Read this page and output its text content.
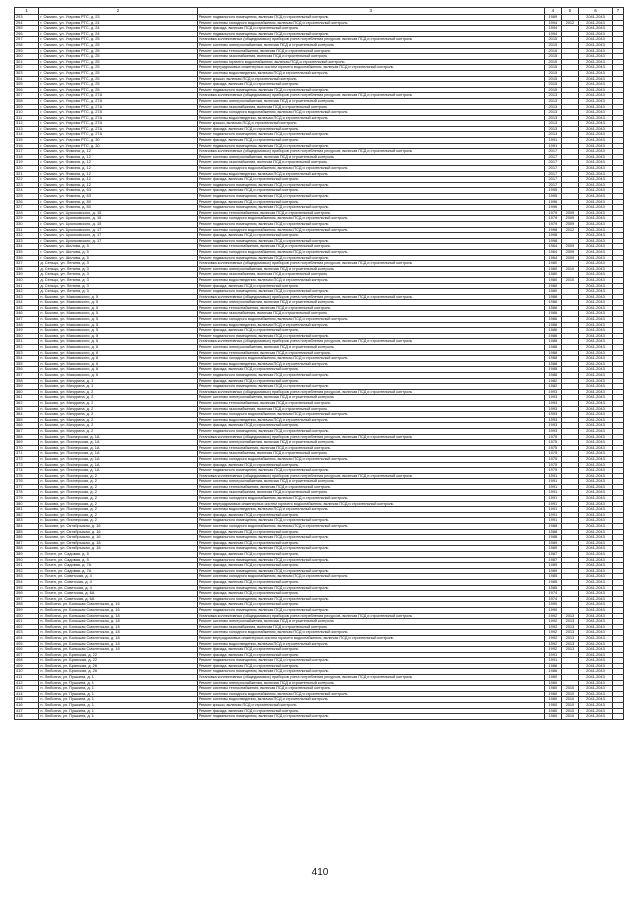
1	2	3	4	5	6	7
293	г. Ожмагс, ул. Угарова РТС, д. 23	Ремонт подвального помещения, включая ПСД и строительный контроль	1989		2041-2043	
294	г. Ожмагс, ул. Угарова РТС, д. 24	Ремонт системы холодного водоснабжения, включая ПСД и строительный контроль	1994	2012	2041-2043	
295	г. Ожмагс, ул. Угарова РТС, д. 24	Ремонт фасада, включая ПСД и строительный контроль	1994		2041-2043	
296	г. Ожмагс, ул. Угарова РТС, д. 24	Ремонт подвального помещения, включая ПСД и строительный контроль	1994		2041-2043	
297	г. Ожмагс, ул. Угарова РТС, д. 25	Установка коллективных (общедомовых) приборов учета потребления ресурсов, включая ПСД и строительный контроль	2015		2041-2043	
298	г. Ожмагс, ул. Угарова РТС, д. 25	Ремонт системы электроснабжения, включая ПСД и строительный контроль	2015		2041-2043	
299	г. Ожмагс, ул. Угарова РТС, д. 25	Ремонт системы теплоснабжения, включая ПСД и строительный контроль	2015		2041-2043	
300	г. Ожмагс, ул. Угарова РТС, д. 25	Ремонт системы газоснабжения, включая ПСД и строительный контроль	2015		2041-2043	
301	г. Ожмагс, ул. Угарова РТС, д. 25	Ремонт системы горячего водоснабжения, включая ПСД и строительный контроль	2015		2041-2043	
302	г. Ожмагс, ул. Угарова РТС, д. 25	Ремонт внутридомовых инженерных систем горячего водоснабжения, включая ПСД и строительный контроль	2015		2041-2043	
303	г. Ожмагс, ул. Угарова РТС, д. 25	Ремонт системы водоотведения, включая ПСД и строительный контроль	2015		2041-2043	
304	г. Ожмагс, ул. Угарова РТС, д. 25	Ремонт крыши, включая ПСД и строительный контроль	2015		2041-2043	
305	г. Ожмагс, ул. Угарова РТС, д. 25	Ремонт фасада, включая ПСД и строительный контроль	2015		2041-2043	
306	г. Ожмагс, ул. Угарова РТС, д. 25	Ремонт подвального помещения, включая ПСД и строительный контроль	2015		2041-2043	
307	г. Ожмагс, ул. Угарова РТС, д. 27А	Установка коллективных (общедомовых) приборов учета потребления ресурсов, включая ПСД и строительный контроль	2013		2041-2043	
308	г. Ожмагс, ул. Угарова РТС, д. 27А	Ремонт системы электроснабжения, включая ПСД и строительный контроль	2013		2041-2043	
309	г. Ожмагс, ул. Угарова РТС, д. 27А	Ремонт системы газоснабжения, включая ПСД и строительный контроль	2013		2041-2043	
310	г. Ожмагс, ул. Угарова РТС, д. 27А	Ремонт системы холодного водоснабжения, включая ПСД и строительный контроль	2013		2041-2043	
311	г. Ожмагс, ул. Угарова РТС, д. 27А	Ремонт системы водоотведения, включая ПСД и строительный контроль	2013		2041-2043	
312	г. Ожмагс, ул. Угарова РТС, д. 27А	Ремонт крыши, включая ПСД и строительный контроль	2013		2041-2043	
313	г. Ожмагс, ул. Угарова РТС, д. 27А	Ремонт фасада, включая ПСД и строительный контроль	2013		2041-2043	
314	г. Ожмагс, ул. Угарова РТС, д. 27А	Ремонт подвального помещения, включая ПСД и строительный контроль	2013		2041-2043	
315	г. Ожмагс, ул. Угарова РТС, д. 30	Ремонт фасада, включая ПСД и строительный контроль	1991		2041-2043	
316	г. Ожмагс, ул. Угарова РТС, д. 30	Ремонт подвального помещения, включая ПСД и строительный контроль	1991		2041-2043	
317	г. Ожмагс, ул. Фомина, д. 12	Установка коллективных (общедомовых) приборов учета потребления ресурсов, включая ПСД и строительный контроль	2017		2041-2043	
318	г. Ожмагс, ул. Фомина, д. 12	Ремонт системы электроснабжения, включая ПСД и строительный контроль	2017		2041-2043	
319	г. Ожмагс, ул. Фомина, д. 12	Ремонт системы газоснабжения, включая ПСД и строительный контроль	2017		2041-2043	
320	г. Ожмагс, ул. Фомина, д. 12	Ремонт системы холодного водоснабжения, включая ПСД и строительный контроль	2017		2041-2043	
321	г. Ожмагс, ул. Фомина, д. 12	Ремонт системы водоотведения, включая ПСД и строительный контроль	2017		2041-2043	
322	г. Ожмагс, ул. Фомина, д. 12	Ремонт фасада, включая ПСД и строительный контроль	2017		2041-2043	
323	г. Ожмагс, ул. Фомина, д. 12	Ремонт подвального помещения, включая ПСД и строительный контроль	2017		2041-2043	
324	г. Ожмагс, ул. Фомина, д. 63	Ремонт фасада, включая ПСД и строительный контроль	1995		2041-2043	
325	г. Ожмагс, ул. Фомина, д. 63	Ремонт подвального помещения, включая ПСД и строительный контроль	1995		2041-2043	
326	г. Ожмагс, ул. Фомина, д. 80	Ремонт фасада, включая ПСД и строительный контроль	1996		2041-2043	
327	г. Ожмагс, ул. Фомина, д. 80	Ремонт подвального помещения, включая ПСД и строительный контроль	1996		2041-2043	
328	г. Ожмагс, ул. Циолковского, д. 15	Ремонт системы теплоснабжения, включая ПСД и строительный контроль	1979	2009	2041-2043	
329	г. Ожмагс, ул. Циолковского, д. 15	Ремонт системы холодного водоснабжения, включая ПСД и строительный контроль	1979	2009	2041-2043	
330	г. Ожмагс, ул. Циолковского, д. 15	Ремонт подвального помещения, включая ПСД и строительный контроль	1979	2009	2041-2043	
331	г. Ожмагс, ул. Циолковского, д. 17	Ремонт системы холодного водоснабжения, включая ПСД и строительный контроль	1998	2012	2041-2043	
332	г. Ожмагс, ул. Циолковского, д. 17	Ремонт фасада, включая ПСД и строительный контроль	1998		2041-2043	
333	г. Ожмагс, ул. Циолковского, д. 17	Ремонт подвального помещения, включая ПСД и строительный контроль	1998		2041-2043	
334	г. Ожмагс, ул. Шилова, д. 5	Ремонт системы теплоснабжения, включая ПСД и строительный контроль	1964	2009	2041-2043	
335	г. Ожмагс, ул. Шилова, д. 5	Ремонт системы холодного водоснабжения, включая ПСД и строительный контроль	1964	2009	2041-2043	
336	г. Ожмагс, ул. Шилова, д. 5	Ремонт подвального помещения, включая ПСД и строительный контроль	1964	2009	2041-2043	
337	д. Сельцо, ул. Ленина, д. 3	Установка коллективных (общедомовых) приборов учета потребления ресурсов, включая ПСД и строительный контроль	1980		2041-2043	
338	д. Сельцо, ул. Ленина, д. 3	Ремонт системы электроснабжения, включая ПСД и строительный контроль	1980	2010	2041-2043	
339	д. Сельцо, ул. Ленина, д. 3	Ремонт системы газоснабжения, включая ПСД и строительный контроль	1980		2041-2043	
340	д. Сельцо, ул. Ленина, д. 3	Ремонт системы водоотведения, включая ПСД и строительный контроль	1980	2010	2041-2043	
341	д. Сельцо, ул. Ленина, д. 3	Ремонт фасада, включая ПСД и строительный контроль	1980		2041-2043	
342	д. Сельцо, ул. Ленина, д. 3	Ремонт подвального помещения, включая ПСД и строительный контроль	1980		2041-2043	
343	п. Быково, ул. Маяковского, д. 5	Установка коллективных (общедомовых) приборов учета потребления ресурсов, включая ПСД и строительный контроль	1986		2041-2043	
344	п. Быково, ул. Маяковского, д. 5	Ремонт системы электроснабжения, включая ПСД и строительный контроль	1986		2041-2043	
345	п. Быково, ул. Маяковского, д. 5	Ремонт системы теплоснабжения, включая ПСД и строительный контроль	1986		2041-2043	
346	п. Быково, ул. Маяковского, д. 5	Ремонт системы газоснабжения, включая ПСД и строительный контроль	1986		2041-2043	
347	п. Быково, ул. Маяковского, д. 5	Ремонт системы холодного водоснабжения, включая ПСД и строительный контроль	1986		2041-2043	
348	п. Быково, ул. Маяковского, д. 5	Ремонт системы водоотведения, включая ПСД и строительный контроль	1986		2041-2043	
349	п. Быково, ул. Маяковского, д. 5	Ремонт фасада, включая ПСД и строительный контроль	1986		2041-2043	
350	п. Быково, ул. Маяковского, д. 5	Ремонт подвального помещения, включая ПСД и строительный контроль	1986		2041-2043	
351	п. Быково, ул. Маяковского, д. 6	Установка коллективных (общедомовых) приборов учета потребления ресурсов, включая ПСД и строительный контроль	1988		2041-2043	
352	п. Быково, ул. Маяковского, д. 6	Ремонт системы электроснабжения, включая ПСД и строительный контроль	1988		2041-2043	
353	п. Быково, ул. Маяковского, д. 6	Ремонт системы теплоснабжения, включая ПСД и строительный контроль	1988		2041-2043	
354	п. Быково, ул. Маяковского, д. 6	Ремонт системы холодного водоснабжения, включая ПСД и строительный контроль	1988		2041-2043	
355	п. Быково, ул. Маяковского, д. 6	Ремонт системы водоотведения, включая ПСД и строительный контроль	1988		2041-2043	
356	п. Быково, ул. Маяковского, д. 6	Ремонт фасада, включая ПСД и строительный контроль	1988		2041-2043	
357	п. Быково, ул. Маяковского, д. 6	Ремонт подвального помещения, включая ПСД и строительный контроль	1988		2041-2043	
358	п. Быково, ул. Мичурина, д. 1	Ремонт фасада, включая ПСД и строительный контроль	1982		2041-2043	
359	п. Быково, ул. Мичурина, д. 1	Ремонт подвального помещения, включая ПСД и строительный контроль	1982		2041-2043	
360	п. Быково, ул. Мичурина, д. 2	Установка коллективных (общедомовых) приборов учета потребления ресурсов, включая ПСД и строительный контроль	1993		2041-2043	
361	п. Быково, ул. Мичурина, д. 2	Ремонт системы электроснабжения, включая ПСД и строительный контроль	1993		2041-2043	
362	п. Быково, ул. Мичурина, д. 2	Ремонт системы теплоснабжения, включая ПСД и строительный контроль	1993		2041-2043	
363	п. Быково, ул. Мичурина, д. 2	Ремонт системы газоснабжения, включая ПСД и строительный контроль	1993		2041-2043	
364	п. Быково, ул. Мичурина, д. 2	Ремонт системы холодного водоснабжения, включая ПСД и строительный контроль	1993		2041-2043	
365	п. Быково, ул. Мичурина, д. 2	Ремонт системы водоотведения, включая ПСД и строительный контроль	1993		2041-2043	
366	п. Быково, ул. Мичурина, д. 2	Ремонт фасада, включая ПСД и строительный контроль	1993		2041-2043	
367	п. Быково, ул. Мичурина, д. 2	Ремонт подвального помещения, включая ПСД и строительный контроль	1993		2041-2043	
368	п. Быково, ул. Пионерская, д. 1А	Установка коллективных (общедомовых) приборов учета потребления ресурсов, включая ПСД и строительный контроль	1975		2041-2043	
369	п. Быково, ул. Пионерская, д. 1А	Ремонт системы электроснабжения, включая ПСД и строительный контроль	1975		2041-2043	
370	п. Быково, ул. Пионерская, д. 1А	Ремонт системы теплоснабжения, включая ПСД и строительный контроль	1975		2041-2043	
371	п. Быково, ул. Пионерская, д. 1А	Ремонт системы газоснабжения, включая ПСД и строительный контроль	1975		2041-2043	
372	п. Быково, ул. Пионерская, д. 1А	Ремонт системы холодного водоснабжения, включая ПСД и строительный контроль	1975		2041-2043	
373	п. Быково, ул. Пионерская, д. 1А	Ремонт фасада, включая ПСД и строительный контроль	1975		2041-2043	
374	п. Быково, ул. Пионерская, д. 1А	Ремонт подвального помещения, включая ПСД и строительный контроль	1975		2041-2043	
375	п. Быково, ул. Пионерская, д. 2	Установка коллективных (общедомовых) приборов учета потребления ресурсов, включая ПСД и строительный контроль	1991		2041-2043	
376	п. Быково, ул. Пионерская, д. 2	Ремонт системы электроснабжения, включая ПСД и строительный контроль	1991		2041-2043	
377	п. Быково, ул. Пионерская, д. 2	Ремонт системы теплоснабжения, включая ПСД и строительный контроль	1991		2041-2043	
378	п. Быково, ул. Пионерская, д. 2	Ремонт системы газоснабжения, включая ПСД и строительный контроль	1991		2041-2043	
379	п. Быково, ул. Пионерская, д. 2	Ремонт системы холодного водоснабжения, включая ПСД и строительный контроль	1991		2041-2043	
380	п. Быково, ул. Пионерская, д. 2	Ремонт внутридомовых инженерных систем горячего водоснабжения, включая ПСД и строительный контроль	1991		2041-2043	
381	п. Быково, ул. Пионерская, д. 2	Ремонт системы водоотведения, включая ПСД и строительный контроль	1991		2041-2043	
382	п. Быково, ул. Пионерская, д. 2	Ремонт фасада, включая ПСД и строительный контроль	1991		2041-2043	
383	п. Быково, ул. Пионерская, д. 2	Ремонт подвального помещения, включая ПСД и строительный контроль	1991		2041-2043	
384	п. Быково, ул. Октябрьская, д. 16	Ремонт системы холодного водоснабжения, включая ПСД и строительный контроль	1988		2041-2043	
385	п. Быково, ул. Октябрьская, д. 16	Ремонт фасада, включая ПСД и строительный контроль	1988		2041-2043	
386	п. Быково, ул. Октябрьская, д. 16	Ремонт подвального помещения, включая ПСД и строительный контроль	1988		2041-2043	
387	п. Быково, ул. Октябрьская, д. 18	Ремонт фасада, включая ПСД и строительный контроль	1989		2041-2043	
388	п. Быково, ул. Октябрьская, д. 18	Ремонт подвального помещения, включая ПСД и строительный контроль	1989		2041-2043	
389	п. Почеп, ул. Садовая, д. 5	Ремонт фасада, включая ПСД и строительный контроль	1987		2041-2043	
390	п. Почеп, ул. Садовая, д. 5	Ремонт подвального помещения, включая ПСД и строительный контроль	1987		2041-2043	
391	п. Почеп, ул. Садовая, д. 7А	Ремонт фасада, включая ПСД и строительный контроль	1989		2041-2043	
392	п. Почеп, ул. Садовая, д. 7А	Ремонт подвального помещения, включая ПСД и строительный контроль	1989		2041-2043	
393	п. Почеп, ул. Советская, д. 4	Ремонт системы холодного водоснабжения, включая ПСД и строительный контроль	1985		2041-2043	
394	п. Почеп, ул. Советская, д. 4	Ремонт фасада, включая ПСД и строительный контроль	1985		2041-2043	
395	п. Почеп, ул. Советская, д. 4	Ремонт подвального помещения, включая ПСД и строительный контроль	1985		2041-2043	
396	п. Почеп, ул. Советская, д. 6А	Ремонт фасада, включая ПСД и строительный контроль	1974		2041-2043	
397	п. Почеп, ул. Советская, д. 6А	Ремонт подвального помещения, включая ПСД и строительный контроль	1974		2041-2043	
398	п. Любохна, ул. Большая Смоленская, д. 16	Ремонт фасада, включая ПСД и строительный контроль	1990		2041-2043	
399	п. Любохна, ул. Большая Смоленская, д. 16	Ремонт подвального помещения, включая ПСД и строительный контроль	1990		2041-2043	
400	п. Любохна, ул. Большая Смоленская, д. 18	Установка коллективных (общедомовых) приборов учета потребления ресурсов, включая ПСД и строительный контроль	1992	2013	2041-2043	
401	п. Любохна, ул. Большая Смоленская, д. 18	Ремонт системы электроснабжения, включая ПСД и строительный контроль	1992	2013	2041-2043	
402	п. Любохна, ул. Большая Смоленская, д. 18	Ремонт системы газоснабжения, включая ПСД и строительный контроль	1992	2013	2041-2043	
403	п. Любохна, ул. Большая Смоленская, д. 18	Ремонт системы холодного водоснабжения, включая ПСД и строительный контроль	1992	2013	2041-2043	
404	п. Любохна, ул. Большая Смоленская, д. 18	Ремонт внутридомовых инженерных систем горячего водоснабжения, включая ПСД и строительный контроль	1992	2013	2041-2043	
405	п. Любохна, ул. Большая Смоленская, д. 18	Ремонт системы водоотведения, включая ПСД и строительный контроль	1992	2013	2041-2043	
406	п. Любохна, ул. Большая Смоленская, д. 18	Ремонт фасада, включая ПСД и строительный контроль	1992	2013	2041-2043	
407	п. Любохна, ул. Брянская, д. 22	Ремонт фасада, включая ПСД и строительный контроль	1991		2041-2043	
408	п. Любохна, ул. Брянская, д. 22	Ремонт подвального помещения, включая ПСД и строительный контроль	1991		2041-2043	
409	п. Любохна, ул. Брянская, д. 26	Ремонт фасада, включая ПСД и строительный контроль	1986		2041-2043	
410	п. Любохна, ул. Брянская, д. 26	Ремонт подвального помещения, включая ПСД и строительный контроль	1986		2041-2043	
411	п. Любохна, ул. Пушкина, д. 1	Установка коллективных (общедомовых) приборов учета потребления ресурсов, включая ПСД и строительный контроль	1980		2041-2043	
412	п. Любохна, ул. Пушкина, д. 1	Ремонт системы электроснабжения, включая ПСД и строительный контроль	1980		2041-2043	
413	п. Любохна, ул. Пушкина, д. 1	Ремонт системы теплоснабжения, включая ПСД и строительный контроль	1980	2010	2041-2043	
414	п. Любохна, ул. Пушкина, д. 1	Ремонт системы холодного водоснабжения, включая ПСД и строительный контроль	1980	2010	2041-2043	
415	п. Любохна, ул. Пушкина, д. 1	Ремонт системы водоотведения, включая ПСД и строительный контроль	1980	2010	2041-2043	
416	п. Любохна, ул. Пушкина, д. 1	Ремонт крыши, включая ПСД и строительный контроль	1980	2010	2041-2043	
417	п. Любохна, ул. Пушкина, д. 1	Ремонт фасада, включая ПСД и строительный контроль	1980	2010	2041-2043	
418	п. Любохна, ул. Пушкина, д. 1	Ремонт подвального помещения, включая ПСД и строительный контроль	1980	2010	2041-2043	
410
